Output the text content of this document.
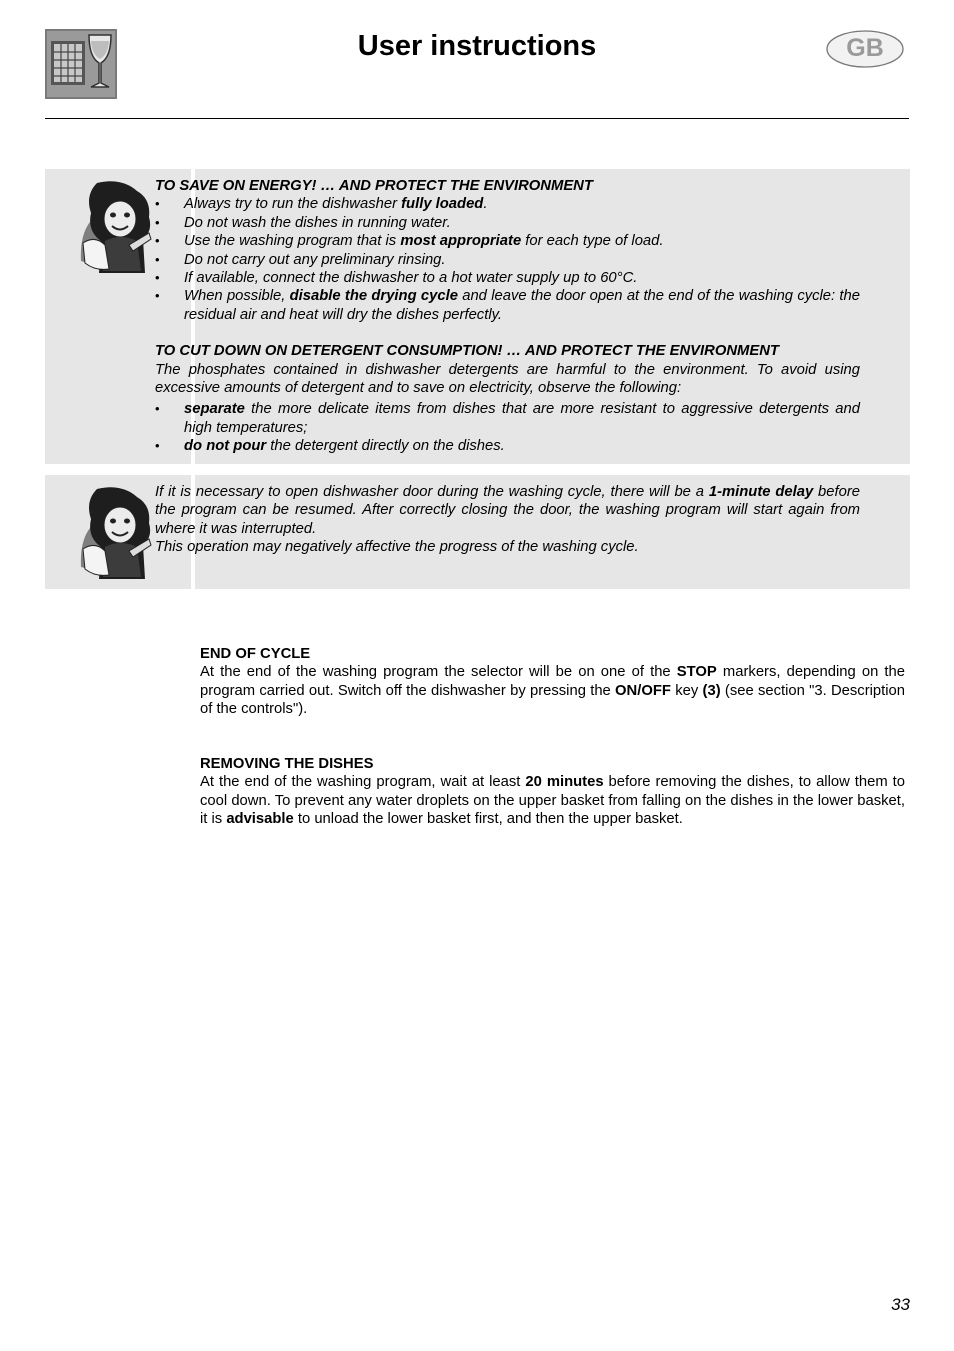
User instructions	GB

TO SAVE ON ENERGY! … AND PROTECT THE ENVIRONMENT

• Always try to run the dishwasher fully loaded.
• Do not wash the dishes in running water.
• Use the washing program that is most appropriate for each type of load.
• Do not carry out any preliminary rinsing.
• If available, connect the dishwasher to a hot water supply up to 60°C.
• When possible, disable the drying cycle and leave the door open at the end of the washing cycle: the residual air and heat will dry the dishes perfectly.

TO CUT DOWN ON DETERGENT CONSUMPTION! … AND PROTECT THE ENVIRONMENT

The phosphates contained in dishwasher detergents are harmful to the environment. To avoid using excessive amounts of detergent and to save on electricity, observe the following:

• separate the more delicate items from dishes that are more resistant to aggressive detergents and high temperatures;
• do not pour the detergent directly on the dishes.

If it is necessary to open dishwasher door during the washing cycle, there will be a 1-minute delay before the program can be resumed. After correctly closing the door, the washing program will start again from where it was interrupted.

This operation may negatively affective the progress of the washing cycle.

END OF CYCLE

At the end of the washing program the selector will be on one of the STOP markers, depending on the program carried out. Switch off the dishwasher by pressing the ON/OFF key (3) (see section "3. Description of the controls").

REMOVING THE DISHES

At the end of the washing program, wait at least 20 minutes before removing the dishes, to allow them to cool down. To prevent any water droplets on the upper basket from falling on the dishes in the lower basket, it is advisable to unload the lower basket first, and then the upper basket.

33
